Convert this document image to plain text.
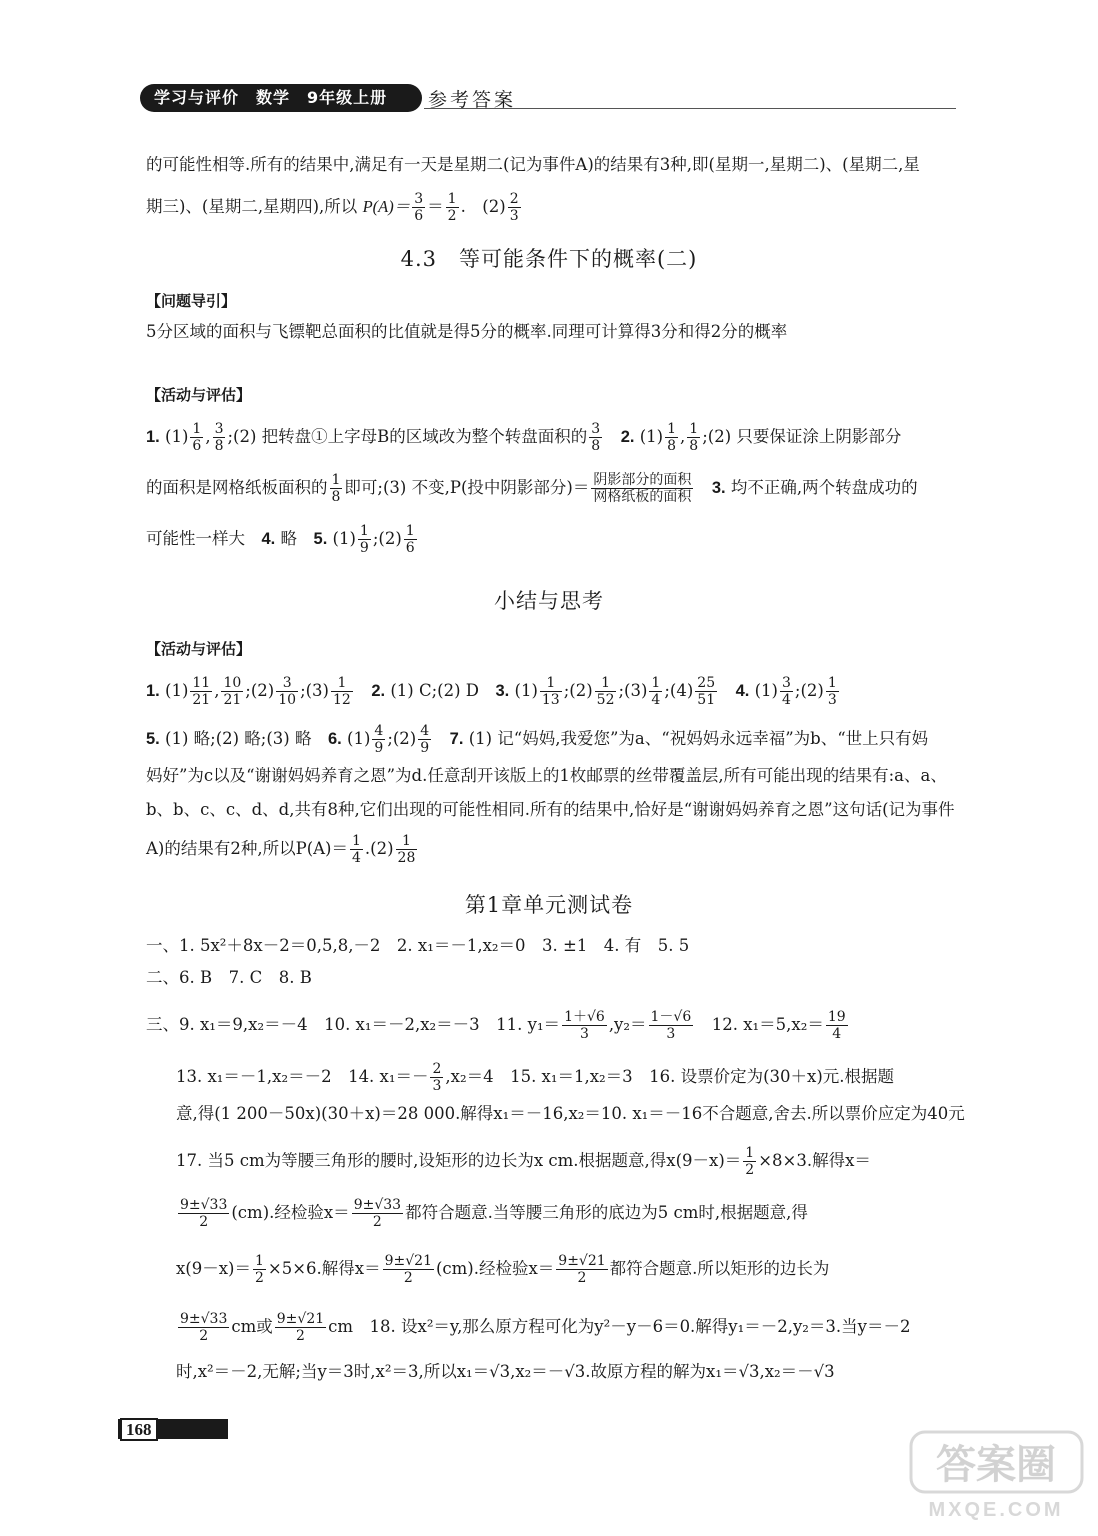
学习与评价　数学　9年级上册	参考答案
的可能性相等.所有的结果中,满足有一天是星期二(记为事件A)的结果有3种,即(星期一,星期二)、(星期二,星
期三)、(星期二,星期四),所以 $P(A)= \frac{3}{6} = \frac{1}{2}$ .　$(2) \frac{2}{3}$
4.3　等可能条件下的概率(二)
【问题导引】
5分区域的面积与飞镖靶总面积的比值就是得5分的概率.同理可计算得3分和得2分的概率
【活动与评估】
1. $(1) \frac{1}{6}$ , $\frac{3}{8}$ ;(2) 把转盘①上字母B的区域改为整个转盘面积的 $\frac{3}{8}$
　 2. $(1) \frac{1}{8}$ , $\frac{1}{8}$ ;(2) 只要保证涂上阴影部分
的面积是网格纸板面积的 $\frac{1}{8}$ 即可;(3) 不变,P(投中阴影部分)＝ $\frac{\text{阴影部分的面积}}{\text{网格纸板的面积}}$
　 3. 均不正确,两个转盘成功的
可能性一样大　 4. 略　 5. $(1) \frac{1}{9}$ ;(2) $\frac{1}{6}$
小结与思考
【活动与评估】
1. $(1) \frac{11}{21}$ , $\frac{10}{21}$ ;(2) $\frac{3}{10}$ ;(3) $\frac{1}{12}$
　 2. (1) C;(2) D　 3. $(1) \frac{1}{13}$ ;(2) $\frac{1}{52}$ ;(3) $\frac{1}{4}$ ;(4) $\frac{25}{51}$
　 4. $(1) \frac{3}{4}$ ;(2) $\frac{1}{3}$
5. (1) 略;(2) 略;(3) 略　 6. $(1) \frac{4}{9}$ ;(2) $\frac{4}{9}$
　 7. (1) 记“妈妈,我爱您”为a、“祝妈妈永远幸福”为b、“世上只有妈
妈好”为c以及“谢谢妈妈养育之恩”为d.任意刮开该版上的1枚邮票的丝带覆盖层,所有可能出现的结果有:a、a、
b、b、c、c、d、d,共有8种,它们出现的可能性相同.所有的结果中,恰好是“谢谢妈妈养育之恩”这句话(记为事件
A)的结果有2种,所以$P(A)= \frac{1}{4} .(2) \frac{1}{28}$
第1章单元测试卷
一、1. 5x²＋8x－2＝0,5,8,－2　2. x₁＝－1,x₂＝0　3. ±1　4. 有　5. 5
二、6. B　7. C　8. B
三、9. x₁＝9,x₂＝－4　10. x₁＝－2,x₂＝－3　11. $y_1= \frac{1+√6}{3} ,y_2= \frac{1-√6}{3}$ 　12. $x_1=5,x_2= \frac{19}{4}$
13. x₁＝－1,x₂＝－2　14. $x_1=- \frac{2}{3} ,x_2=4$　15. x₁＝1,x₂＝3　16. 设票价定为(30＋x)元.根据题
意,得(1 200－50x)(30＋x)＝28 000.解得x₁＝－16,x₂＝10. x₁＝－16不合题意,舍去.所以票价应定为40元
17. 当5 cm为等腰三角形的腰时,设矩形的边长为x cm.根据题意,得$x(9-x)= \frac{1}{2} \times 8\times 3$.解得x＝
$\frac{9\pm√33}{2} (cm)$.经检验$x= \frac{9\pm√33}{2}$ 都符合题意.当等腰三角形的底边为5 cm时,根据题意,得
$x(9-x)= \frac{1}{2} \times 5\times 6$.解得$x= \frac{9\pm√21}{2} (cm)$.经检验$x= \frac{9\pm√21}{2}$ 都符合题意.所以矩形的边长为
$\frac{9\pm√33}{2}$ cm或 $\frac{9\pm√21}{2}$ cm　18. 设x²＝y,那么原方程可化为y²－y－6＝0.解得y₁＝－2,y₂＝3.当y＝－2
时,x²＝－2,无解;当y＝3时,x²＝3,所以x₁＝√3,x₂＝－√3.故原方程的解为x₁＝√3,x₂＝－√3
168
答案圈
MXQE.COM
